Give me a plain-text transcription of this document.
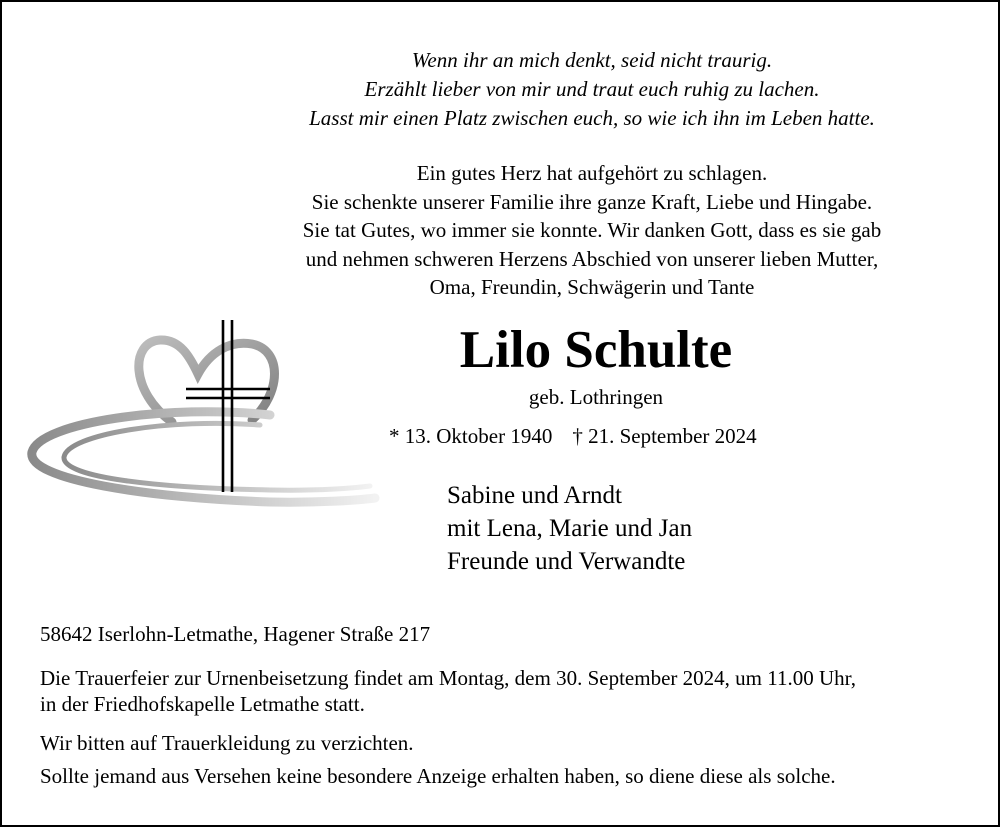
Wenn ihr an mich denkt, seid nicht traurig.
Erzählt lieber von mir und traut euch ruhig zu lachen.
Lasst mir einen Platz zwischen euch, so wie ich ihn im Leben hatte.
Ein gutes Herz hat aufgehört zu schlagen.
Sie schenkte unserer Familie ihre ganze Kraft, Liebe und Hingabe.
Sie tat Gutes, wo immer sie konnte. Wir danken Gott, dass es sie gab
und nehmen schweren Herzens Abschied von unserer lieben Mutter,
Oma, Freundin, Schwägerin und Tante
Lilo Schulte
geb. Lothringen
* 13. Oktober 1940 † 21. September 2024
Sabine und Arndt
mit Lena, Marie und Jan
Freunde und Verwandte
58642 Iserlohn-Letmathe, Hagener Straße 217
Die Trauerfeier zur Urnenbeisetzung findet am Montag, dem 30. September 2024, um 11.00 Uhr,
in der Friedhofskapelle Letmathe statt.
Wir bitten auf Trauerkleidung zu verzichten.
Sollte jemand aus Versehen keine besondere Anzeige erhalten haben, so diene diese als solche.
